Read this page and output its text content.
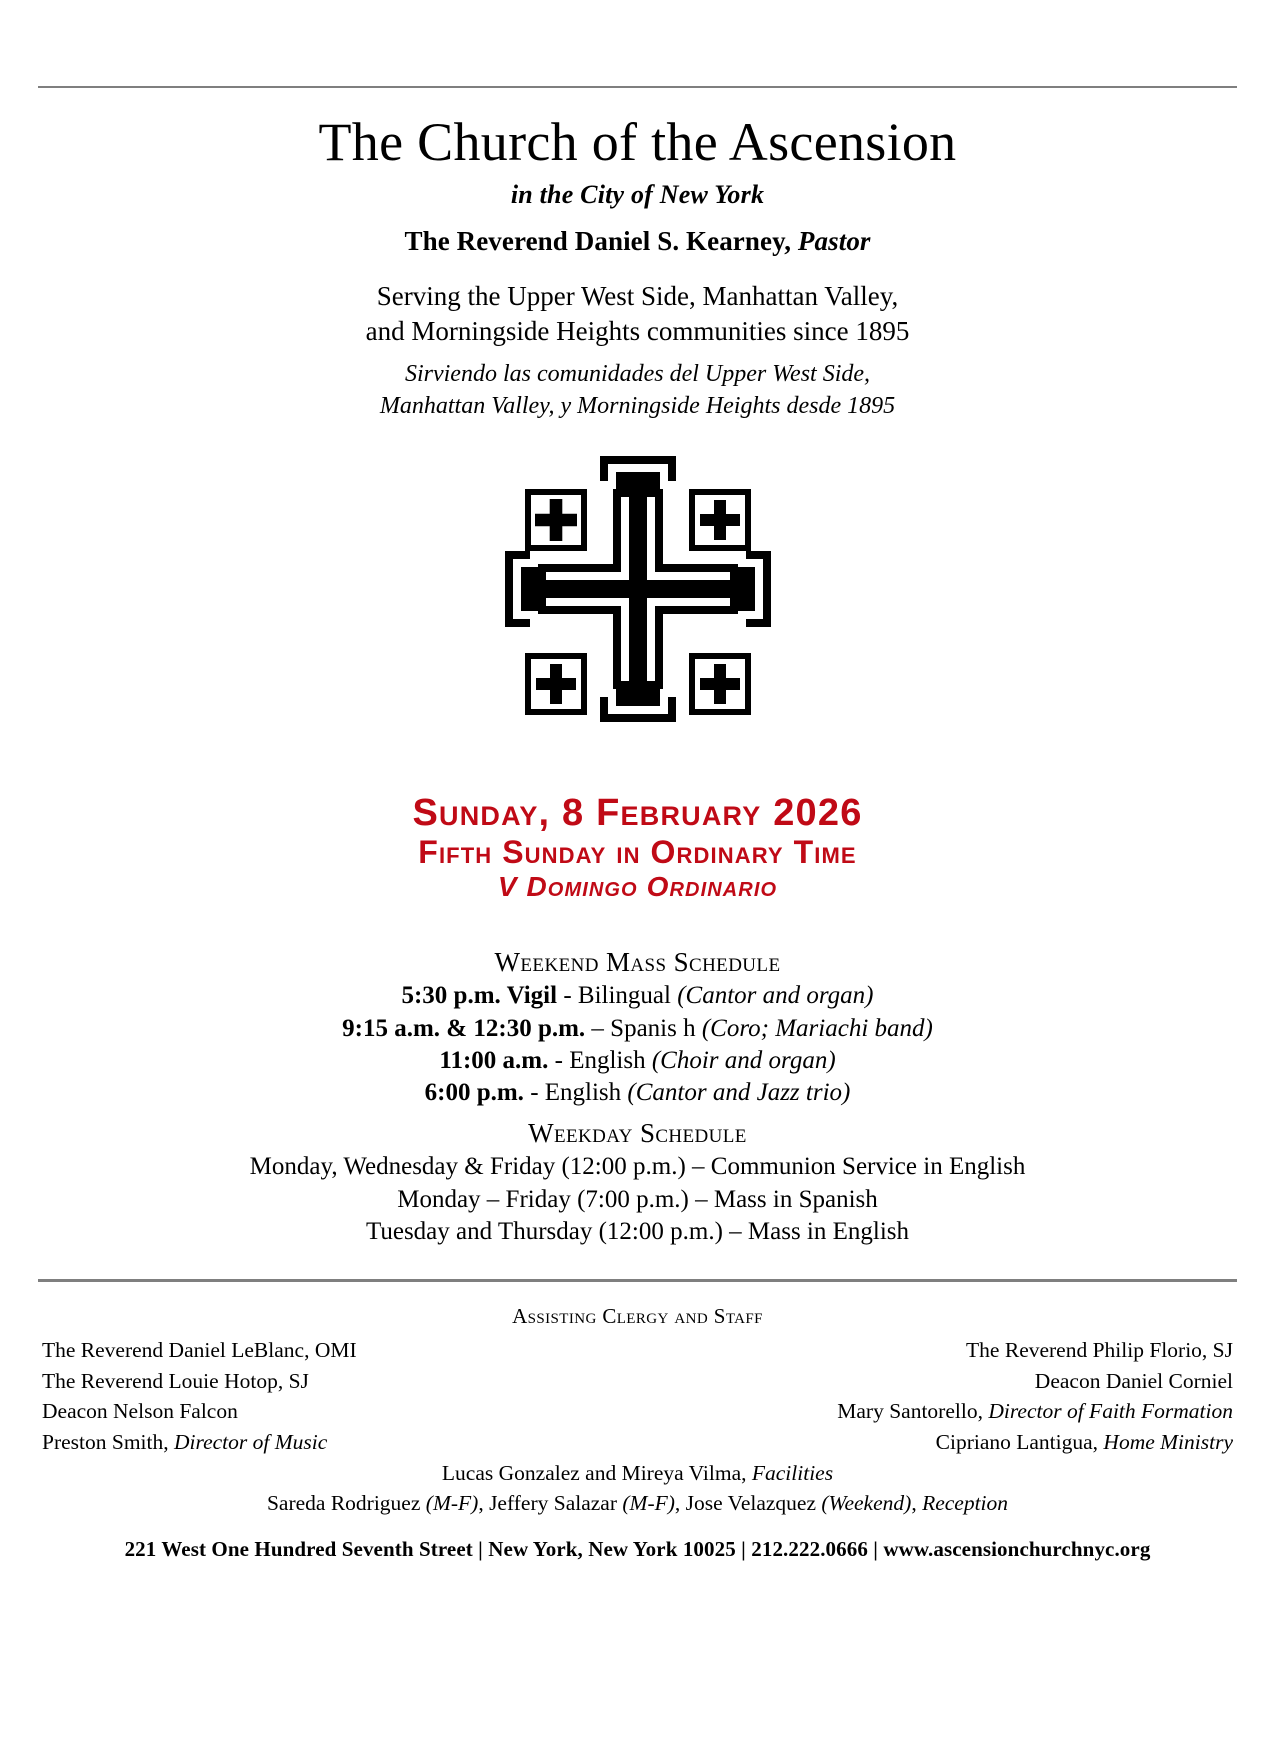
The Church of the Ascension
in the City of New York
The Reverend Daniel S. Kearney, Pastor
Serving the Upper West Side, Manhattan Valley,
and Morningside Heights communities since 1895
Sirviendo las comunidades del Upper West Side,
Manhattan Valley, y Morningside Heights desde 1895
Sunday, 8 February 2026
Fifth Sunday in Ordinary Time
V Domingo Ordinario
Weekend Mass Schedule
5:30 p.m. Vigil - Bilingual (Cantor and organ)
9:15 a.m. & 12:30 p.m. – Spanis h (Coro; Mariachi band)
11:00 a.m. - English (Choir and organ)
6:00 p.m. - English (Cantor and Jazz trio)
Weekday Schedule
Monday, Wednesday & Friday (12:00 p.m.) – Communion Service in English
Monday – Friday (7:00 p.m.) – Mass in Spanish
Tuesday and Thursday (12:00 p.m.) – Mass in English
Assisting Clergy and Staff
The Reverend Daniel LeBlanc, OMI	The Reverend Philip Florio, SJ
The Reverend Louie Hotop, SJ	Deacon Daniel Corniel
Deacon Nelson Falcon	Mary Santorello, Director of Faith Formation
Preston Smith, Director of Music	Cipriano Lantigua, Home Ministry
Lucas Gonzalez and Mireya Vilma, Facilities
Sareda Rodriguez (M-F), Jeffery Salazar (M-F), Jose Velazquez (Weekend), Reception
221 West One Hundred Seventh Street | New York, New York 10025 | 212.222.0666 | www.ascensionchurchnyc.org
